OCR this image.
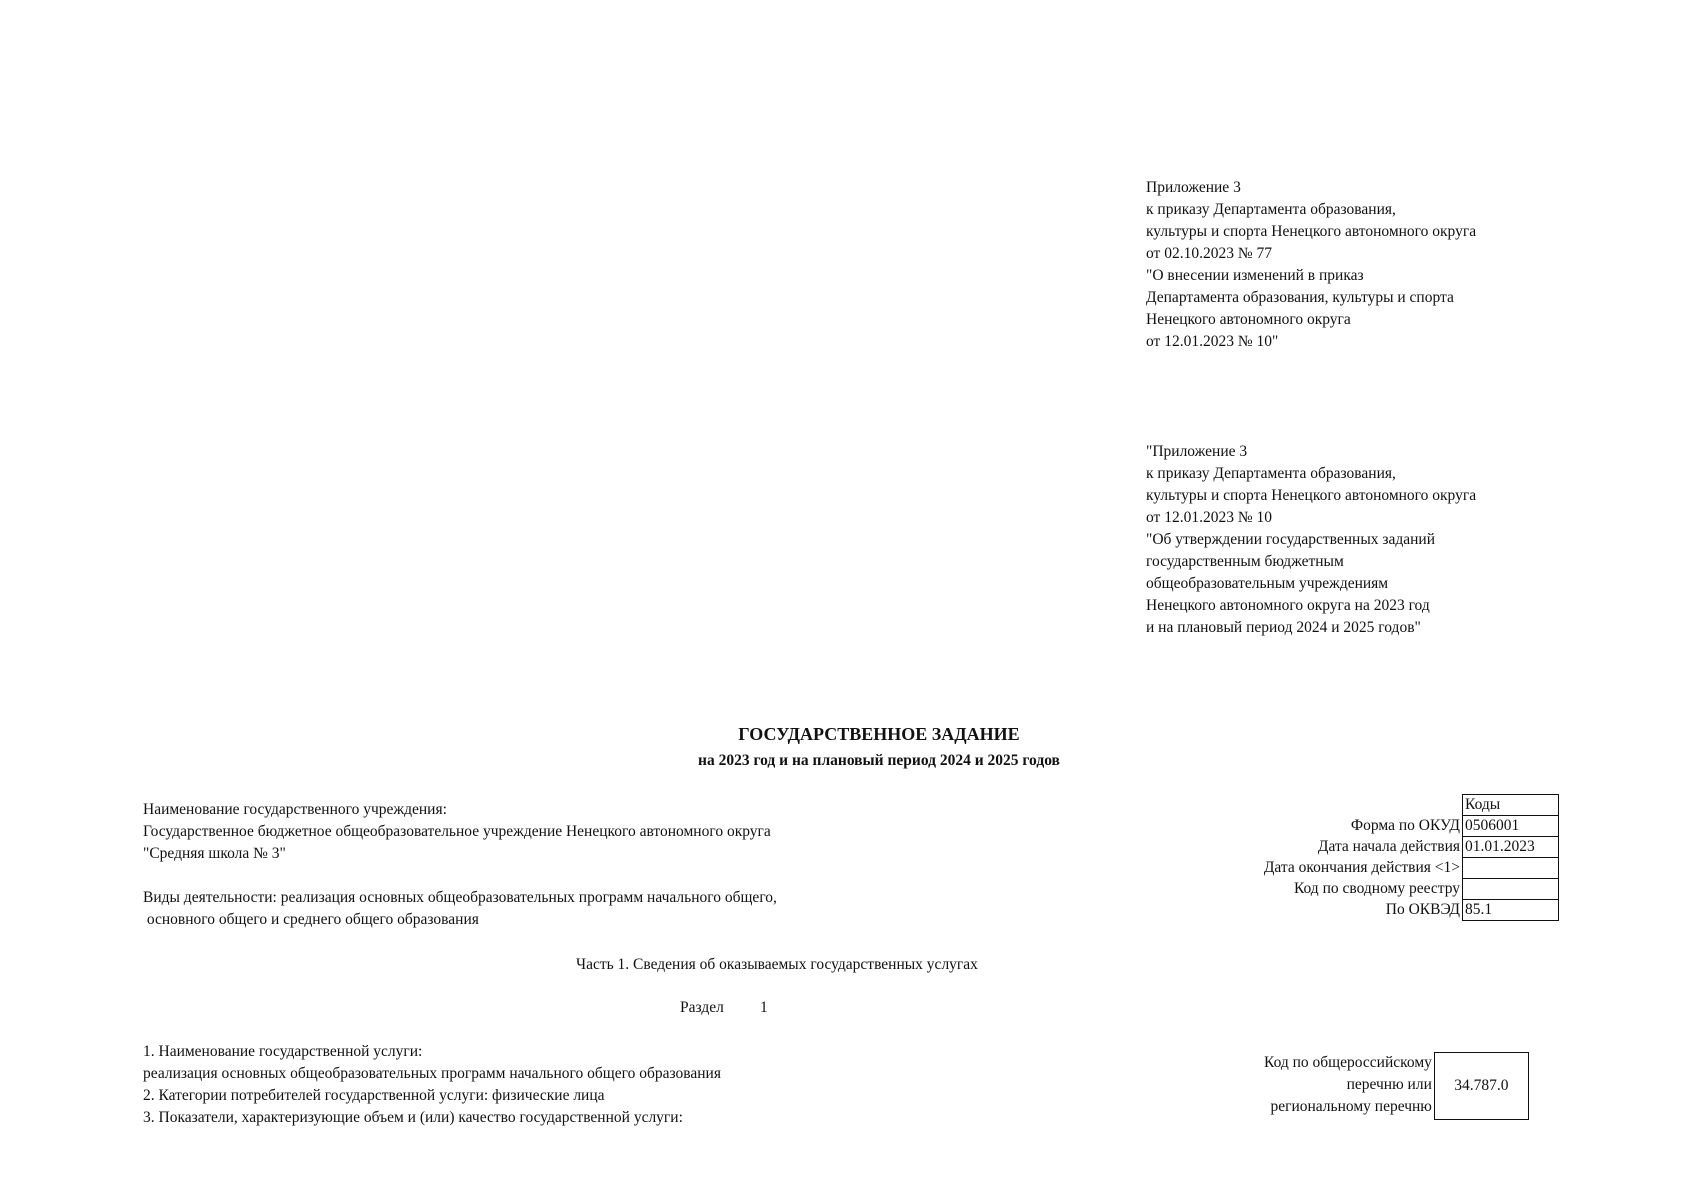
Приложение 3
к приказу Департамента образования,
культуры и спорта Ненецкого автономного округа
от 02.10.2023 № 77
"О внесении изменений в приказ
Департамента образования, культуры и спорта
Ненецкого автономного округа
от 12.01.2023 № 10"
"Приложение 3
к приказу Департамента образования,
культуры и спорта Ненецкого автономного округа
от 12.01.2023 № 10
"Об утверждении государственных заданий
государственным бюджетным
общеобразовательным учреждениям
Ненецкого автономного округа на 2023 год
и на плановый период 2024 и 2025 годов"
ГОСУДАРСТВЕННОЕ ЗАДАНИЕ
на 2023 год и на плановый период 2024 и 2025 годов
Наименование государственного учреждения:
Государственное бюджетное общеобразовательное учреждение Ненецкого автономного округа
"Средняя школа № 3"
Виды деятельности: реализация основных общеобразовательных программ начального общего,
основного общего и среднего общего образования
	Коды
Форма по ОКУД	0506001
Дата начала действия	01.01.2023
Дата окончания действия <1>	
Код по сводному реестру	
По ОКВЭД	85.1
Часть 1. Сведения об оказываемых государственных услугах
Раздел 1
1. Наименование государственной услуги:
реализация основных общеобразовательных программ начального общего образования
2. Категории потребителей государственной услуги: физические лица
3. Показатели, характеризующие объем и (или) качество государственной услуги:
Код по общероссийскому
перечню или
региональному перечню
34.787.0
